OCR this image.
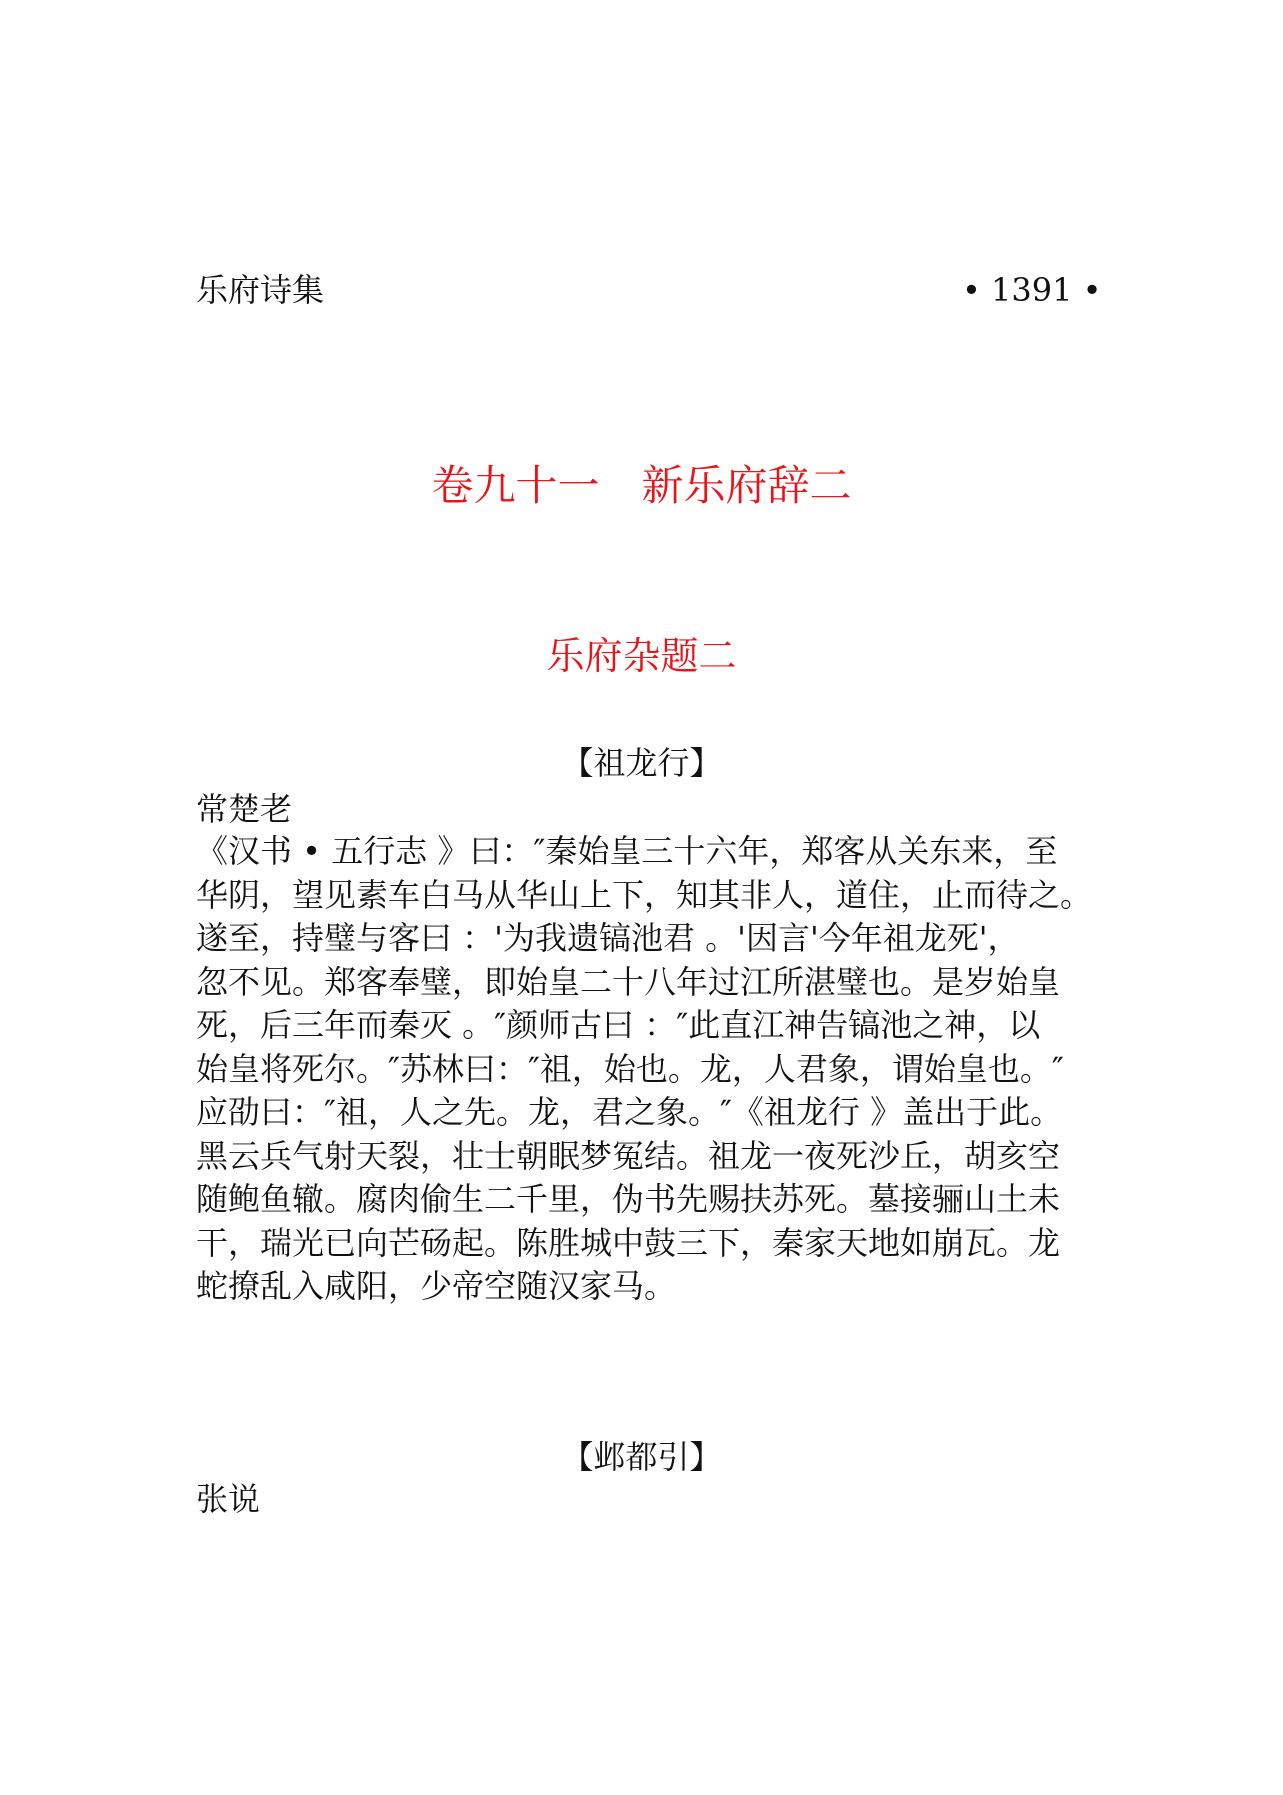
乐府诗集	• 1391 •
卷九十一　新乐府辞二
乐府杂题二
【祖龙行】
常楚老
《汉书 • 五行志 》曰：″秦始皇三十六年，郑客从关东来，至
华阴，望见素车白马从华山上下，知其非人，道住，止而待之。
遂至，持璧与客曰 ：'为我遗镐池君 。'因言'今年祖龙死'，
忽不见。郑客奉璧，即始皇二十八年过江所湛璧也。是岁始皇
死，后三年而秦灭 。″颜师古曰 ：″此直江神告镐池之神，以
始皇将死尔。″苏林曰：″祖，始也。龙，人君象，谓始皇也。″
应劭曰：″祖，人之先。龙，君之象。″《祖龙行 》盖出于此。
黑云兵气射天裂，壮士朝眠梦冤结。祖龙一夜死沙丘，胡亥空
随鲍鱼辙。腐肉偷生二千里，伪书先赐扶苏死。墓接骊山土未
干，瑞光已向芒砀起。陈胜城中鼓三下，秦家天地如崩瓦。龙
蛇撩乱入咸阳，少帝空随汉家马。
【邺都引】
张说
